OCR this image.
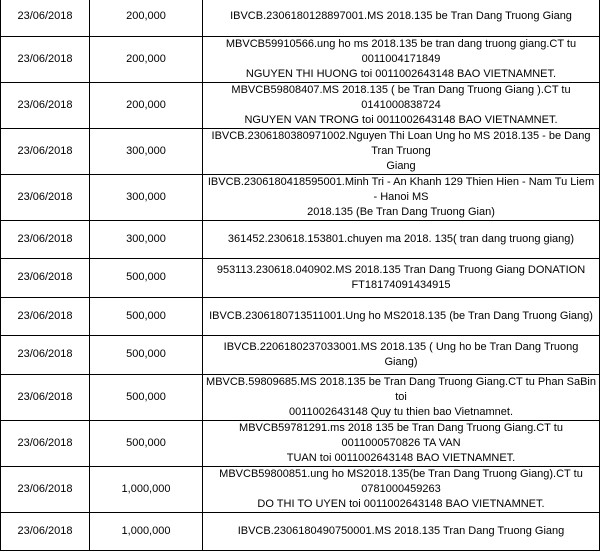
23/06/2018	200,000	IBVCB.2306180128897001.MS 2018.135 be Tran Dang Truong Giang
23/06/2018	200,000	MBVCB59910566.ung ho ms 2018.135 be tran dang truong giang.CT tu 0011004171849
NGUYEN THI HUONG toi 0011002643148 BAO VIETNAMNET.
23/06/2018	200,000	MBVCB59808407.MS 2018.135 ( be Tran Dang Truong Giang ).CT tu 0141000838724
NGUYEN VAN TRONG toi 0011002643148 BAO VIETNAMNET.
23/06/2018	300,000	IBVCB.2306180380971002.Nguyen Thi Loan Ung ho MS 2018.135 - be Dang Tran Truong
Giang
23/06/2018	300,000	IBVCB.2306180418595001.Minh Tri - An Khanh 129 Thien Hien - Nam Tu Liem - Hanoi MS
2018.135 (Be Tran Dang Truong Gian)
23/06/2018	300,000	361452.230618.153801.chuyen ma 2018. 135( tran dang truong giang)
23/06/2018	500,000	953113.230618.040902.MS 2018.135 Tran Dang Truong Giang DONATION
FT18174091434915
23/06/2018	500,000	IBVCB.2306180713511001.Ung ho MS2018.135 (be Tran Dang Truong Giang)
23/06/2018	500,000	IBVCB.2206180237033001.MS 2018.135 ( Ung ho be Tran Dang Truong Giang)
23/06/2018	500,000	MBVCB.59809685.MS 2018.135 be Tran Dang Truong Giang.CT tu Phan SaBin toi
0011002643148 Quy tu thien bao Vietnamnet.
23/06/2018	500,000	MBVCB59781291.ms 2018 135 be Tran Dang Truong Giang.CT tu 0011000570826 TA VAN
TUAN toi 0011002643148 BAO VIETNAMNET.
23/06/2018	1,000,000	MBVCB59800851.ung ho MS2018.135(be Tran Dang Truong Giang).CT tu 0781000459263
DO THI TO UYEN toi 0011002643148 BAO VIETNAMNET.
23/06/2018	1,000,000	IBVCB.2306180490750001.MS 2018.135 Tran Dang Truong Giang
